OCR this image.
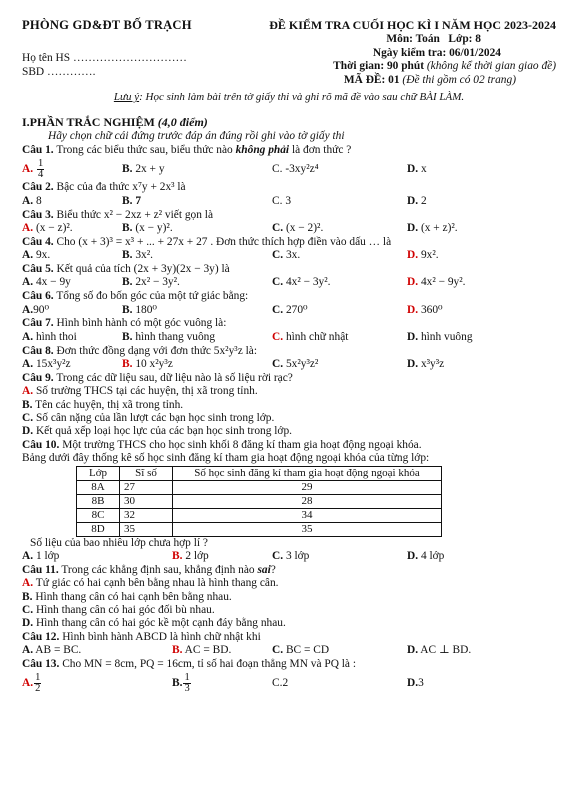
PHÒNG GD&ĐT BỐ TRẠCH
Họ tên HS …………………………
SBD ………….
ĐỀ KIỂM TRA CUỐI HỌC KÌ I NĂM HỌC 2023-2024
Môn: Toán   Lớp: 8
Ngày kiểm tra: 06/01/2024
Thời gian: 90 phút (không kể thời gian giao đề)
MÃ ĐỀ: 01 (Đề thi gồm có 02 trang)
Lưu ý: Học sinh làm bài trên tờ giấy thi và ghi rõ mã đề vào sau chữ BÀI LÀM.
I.PHẦN TRẮC NGHIỆM (4,0 điểm)
Hãy chọn chữ cái đứng trước đáp án đúng rồi ghi vào tờ giấy thi
Câu 1. Trong các biểu thức sau, biểu thức nào không phải là đơn thức ?
A. $\frac{1}{4}$	B. 2x + y	C. -3xy²z⁴	D. x
Câu 2. Bậc của đa thức x⁷y + 2x³ là
A. 8	B. 7	C. 3	D. 2
Câu 3. Biểu thức x² − 2xz + z² viết gọn là
A. (x − z)².	B. (x − y)².	C. (x − 2)².	D. (x + z)².
Câu 4. Cho (x + 3)³ = x³ + ... + 27x + 27 . Đơn thức thích hợp điền vào dấu … là
A. 9x.	B. 3x².	C. 3x.	D. 9x².
Câu 5. Kết quả của tích (2x + 3y)(2x − 3y) là
A. 4x − 9y	B. 2x² − 3y².	C. 4x² − 3y².	D. 4x² − 9y².
Câu 6. Tổng số đo bốn góc của một tứ giác bằng:
A.90⁰	B. 180⁰	C. 270⁰	D. 360⁰
Câu 7. Hình bình hành có một góc vuông là:
A. hình thoi	B. hình thang vuông	C. hình chữ nhật	D. hình vuông
Câu 8. Đơn thức đồng dạng với đơn thức 5x²y³z là:
A. 15x³y²z	B. 10 x²y³z	C. 5x²y³z²	D. x³y³z
Câu 9. Trong các dữ liệu sau, dữ liệu nào là số liệu rời rạc?
A. Số trường THCS tại các huyện, thị xã trong tỉnh.
B. Tên các huyện, thị xã trong tỉnh.
C. Số cân nặng của lần lượt các bạn học sinh trong lớp.
D. Kết quả xếp loại học lực của các bạn học sinh trong lớp.
Câu 10. Một trường THCS cho học sinh khối 8 đăng kí tham gia hoạt động ngoại khóa.
Bảng dưới đây thống kê số học sinh đăng kí tham gia hoạt động ngoại khóa của từng lớp:
Lớp	Sĩ số	Số học sinh đăng kí tham gia hoạt động ngoại khóa
8A	27	29
8B	30	28
8C	32	34
8D	35	35
Số liệu của bao nhiêu lớp chưa hợp lí ?
A. 1 lớp	B. 2 lớp	C. 3 lớp	D. 4 lớp
Câu 11. Trong các khẳng định sau, khẳng định nào sai?
A. Tứ giác có hai cạnh bên bằng nhau là hình thang cân.
B. Hình thang cân có hai cạnh bên bằng nhau.
C. Hình thang cân có hai góc đối bù nhau.
D. Hình thang cân có hai góc kề một cạnh đáy bằng nhau.
Câu 12. Hình bình hành ABCD là hình chữ nhật khi
A. AB = BC.	B. AC = BD.	C. BC = CD	D. AC ⊥ BD.
Câu 13. Cho MN = 8cm, PQ = 16cm, tỉ số hai đoạn thẳng MN và PQ là :
A. $\frac{1}{2}$	B. $\frac{1}{3}$	C.2	D.3
